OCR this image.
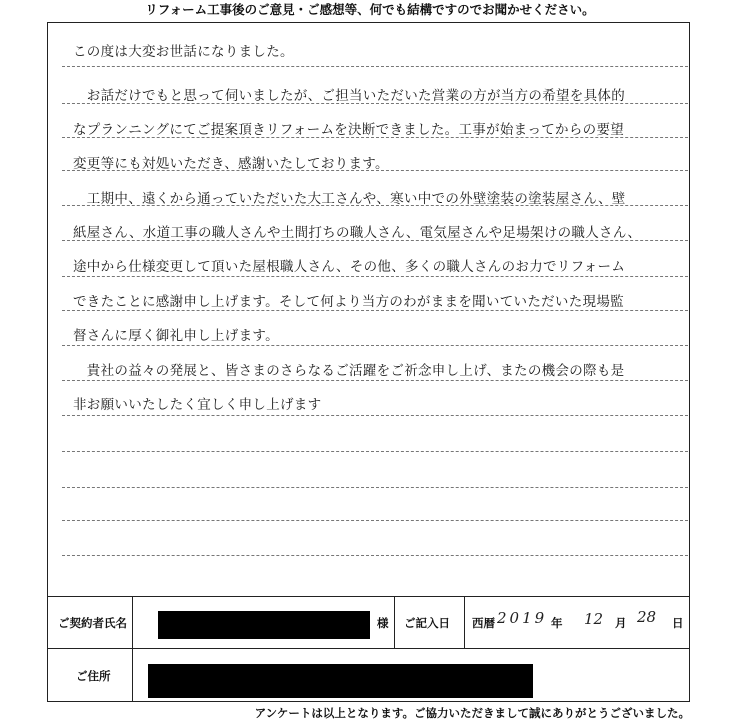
リフォーム工事後のご意見・ご感想等、何でも結構ですのでお聞かせください。
この度は大変お世話になりました。
　お話だけでもと思って伺いましたが、ご担当いただいた営業の方が当方の希望を具体的
なプランニングにてご提案頂きリフォームを決断できました。工事が始まってからの要望
変更等にも対処いただき、感謝いたしております。
　工期中、遠くから通っていただいた大工さんや、寒い中での外壁塗装の塗装屋さん、壁
紙屋さん、水道工事の職人さんや土間打ちの職人さん、電気屋さんや足場架けの職人さん、
途中から仕様変更して頂いた屋根職人さん、その他、多くの職人さんのお力でリフォーム
できたことに感謝申し上げます。そして何より当方のわがままを聞いていただいた現場監
督さんに厚く御礼申し上げます。
　貴社の益々の発展と、皆さまのさらなるご活躍をご祈念申し上げ、またの機会の際も是
非お願いいたしたく宜しく申し上げます
ご契約者氏名	様 ご記入日 西暦 2019 年 12 月 28 日
ご住所
アンケートは以上となります。ご協力いただきまして誠にありがとうございました。
